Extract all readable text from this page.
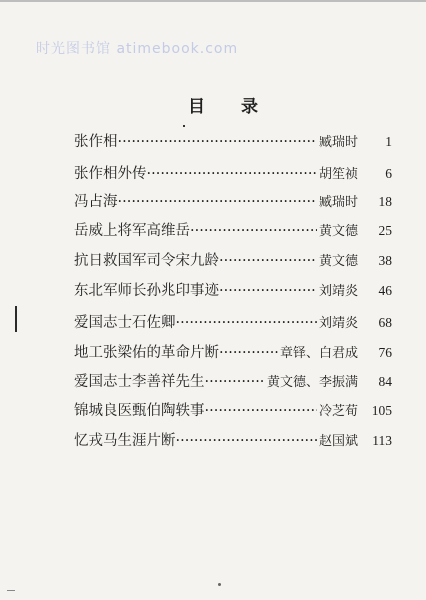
时光图书馆 atimebook.com
目录
张作相 ·····	臧瑞时	1
张作相外传 ·····	胡笙祯	6
冯占海 ·····	臧瑞时	18
岳威上将军高维岳 ·····	黄文德	25
抗日救国军司令宋九龄 ·····	黄文德	38
东北军师长孙兆印事迹 ·····	刘靖炎	46
爱国志士石佐卿 ·····	刘靖炎	68
地工张梁佑的革命片断 ·····	章铎、白君成	76
爱国志士李善祥先生 ·····	黄文德、李振满	84
锦城良医甄伯陶轶事 ·····	冷芝荀	105
忆戎马生涯片断 ·····	赵国斌	113
